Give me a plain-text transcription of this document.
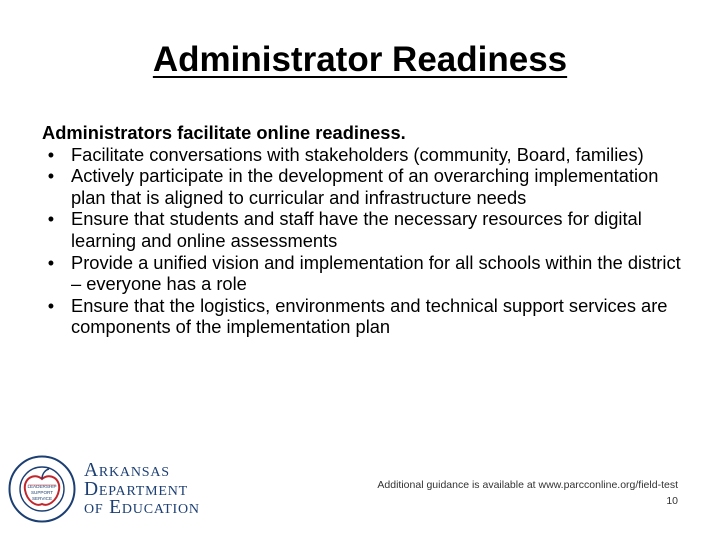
Administrator Readiness

Administrators facilitate online readiness.

• Facilitate conversations with stakeholders (community, Board, families)
• Actively participate in the development of an overarching implementation plan that is aligned to curricular and infrastructure needs
• Ensure that students and staff have the necessary resources for digital learning and online assessments
• Provide a unified vision and implementation for all schools within the district – everyone has a role
• Ensure that the logistics, environments and technical support services are components of the implementation plan
LEADERSHIP
SUPPORT
SERVICE
Arkansas
Department
of Education
Additional guidance is available at www.parcconline.org/field-test
10
